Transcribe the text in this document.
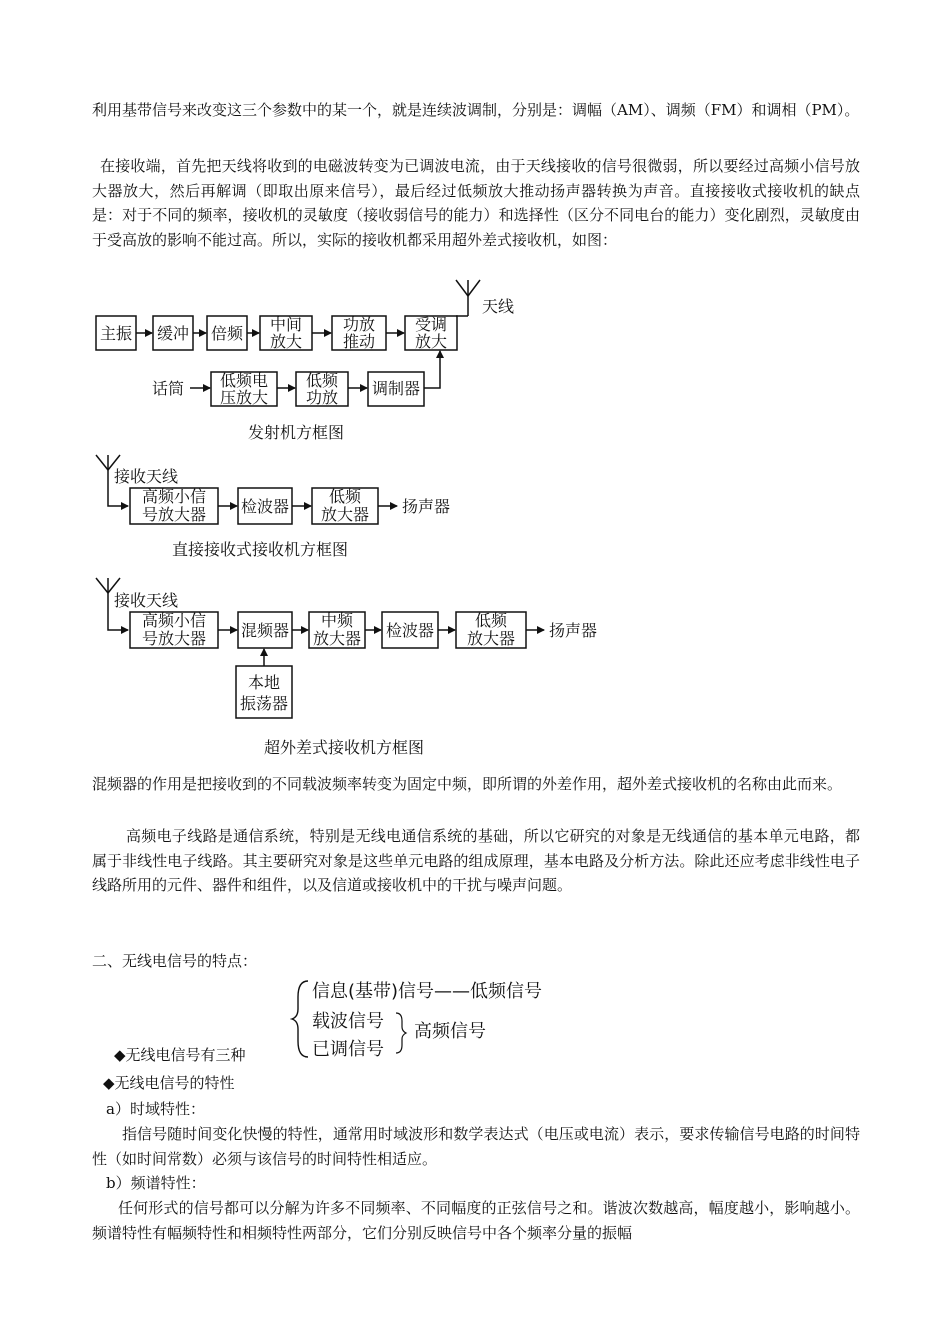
利用基带信号来改变这三个参数中的某一个，就是连续波调制，分别是：调幅（AM）、调频（FM）和调相（PM）。

在接收端，首先把天线将收到的电磁波转变为已调波电流，由于天线接收的信号很微弱，所以要经过高频小信号放大器放大，然后再解调（即取出原来信号），最后经过低频放大推动扬声器转换为声音。直接接收式接收机的缺点是：对于不同的频率，接收机的灵敏度（接收弱信号的能力）和选择性（区分不同电台的能力）变化剧烈，灵敏度由于受高放的影响不能过高。所以，实际的接收机都采用超外差式接收机，如图：

天线
主振 缓冲 倍频 中间
放大
功放
推动
受调
放大
话筒 低频电
压放大
低频
功放 调制器
发射机方框图
接收天线
高频小信
号放大器 检波器
低频
放大器 扬声器
直接接收式接收机方框图
接收天线
高频小信
号放大器 混频器
中频
放大器 检波器
低频
放大器 扬声器
本地
振荡器
超外差式接收机方框图

混频器的作用是把接收到的不同载波频率转变为固定中频，即所谓的外差作用，超外差式接收机的名称由此而来。

高频电子线路是通信系统，特别是无线电通信系统的基础，所以它研究的对象是无线通信的基本单元电路，都属于非线性电子线路。其主要研究对象是这些单元电路的组成原理，基本电路及分析方法。除此还应考虑非线性电子线路所用的元件、器件和组件，以及信道或接收机中的干扰与噪声问题。

二、无线电信号的特点：

信息(基带)信号——低频信号
载波信号
已调信号
高频信号
◆无线电信号有三种
◆无线电信号的特性

a）时域特性：

指信号随时间变化快慢的特性，通常用时域波形和数学表达式（电压或电流）表示，要求传输信号电路的时间特性（如时间常数）必须与该信号的时间特性相适应。

b）频谱特性：

任何形式的信号都可以分解为许多不同频率、不同幅度的正弦信号之和。谐波次数越高，幅度越小，影响越小。频谱特性有幅频特性和相频特性两部分，它们分别反映信号中各个频率分量的振幅
